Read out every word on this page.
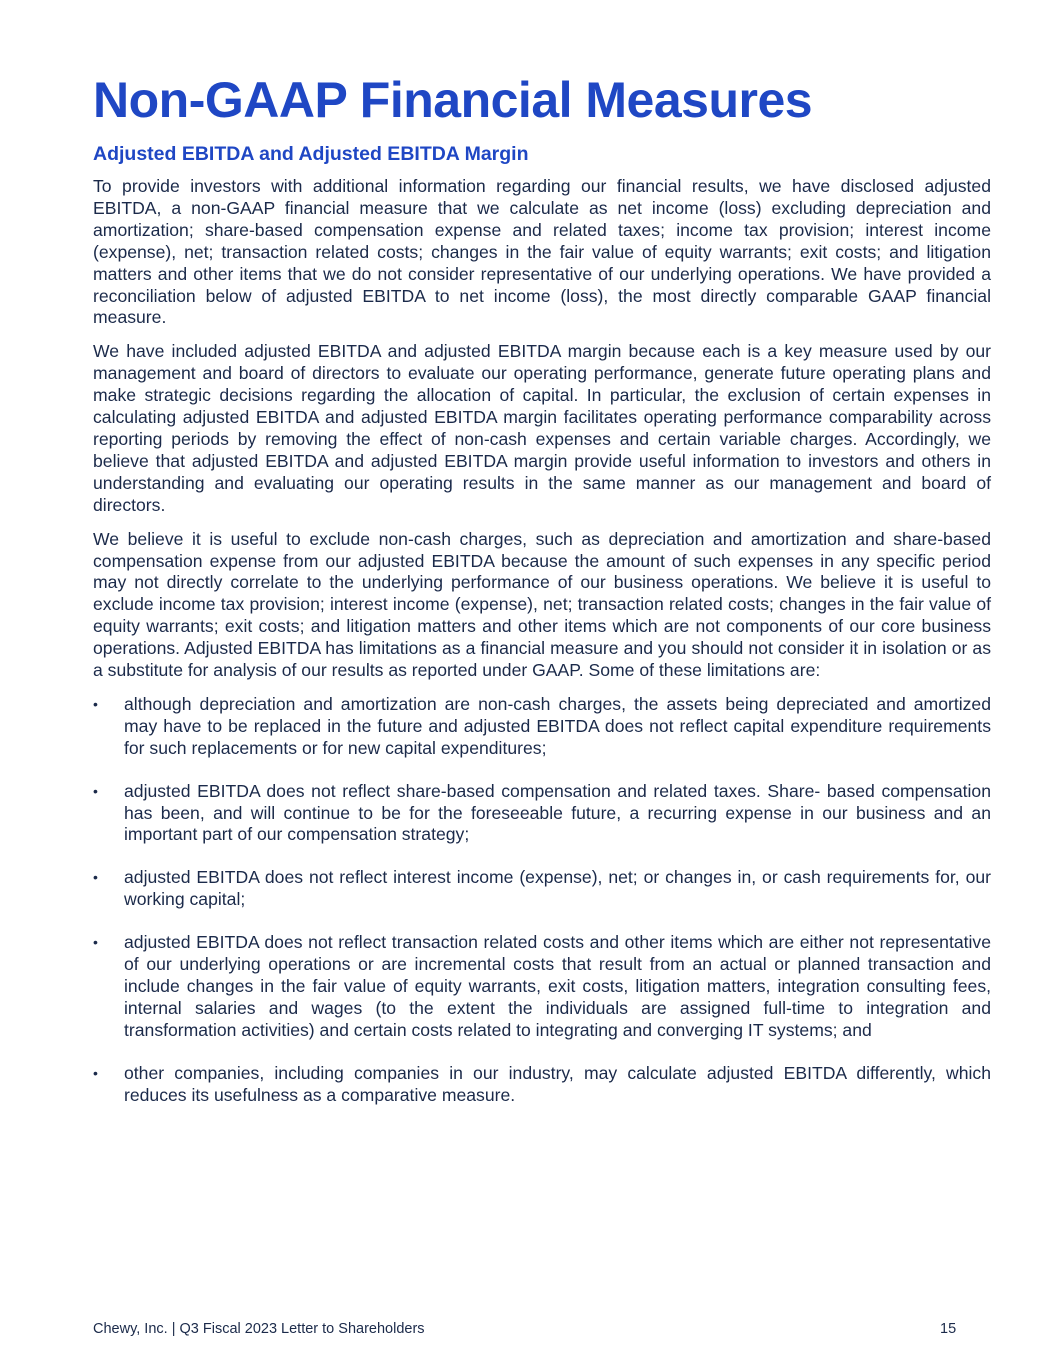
Non-GAAP Financial Measures
Adjusted EBITDA and Adjusted EBITDA Margin

To provide investors with additional information regarding our financial results, we have disclosed adjusted EBITDA, a non-GAAP financial measure that we calculate as net income (loss) excluding depreciation and amortization; share-based compensation expense and related taxes; income tax provision; interest income (expense), net; transaction related costs; changes in the fair value of equity warrants; exit costs; and litigation matters and other items that we do not consider representative of our underlying operations. We have provided a reconciliation below of adjusted EBITDA to net income (loss), the most directly comparable GAAP financial measure.

We have included adjusted EBITDA and adjusted EBITDA margin because each is a key measure used by our management and board of directors to evaluate our operating performance, generate future operating plans and make strategic decisions regarding the allocation of capital. In particular, the exclusion of certain expenses in calculating adjusted EBITDA and adjusted EBITDA margin facilitates operating performance comparability across reporting periods by removing the effect of non-cash expenses and certain variable charges. Accordingly, we believe that adjusted EBITDA and adjusted EBITDA margin provide useful information to investors and others in understanding and evaluating our operating results in the same manner as our management and board of directors.

We believe it is useful to exclude non-cash charges, such as depreciation and amortization and share-based compensation expense from our adjusted EBITDA because the amount of such expenses in any specific period may not directly correlate to the underlying performance of our business operations. We believe it is useful to exclude income tax provision; interest income (expense), net; transaction related costs; changes in the fair value of equity warrants; exit costs; and litigation matters and other items which are not components of our core business operations. Adjusted EBITDA has limitations as a financial measure and you should not consider it in isolation or as a substitute for analysis of our results as reported under GAAP. Some of these limitations are:

• although depreciation and amortization are non-cash charges, the assets being depreciated and amortized may have to be replaced in the future and adjusted EBITDA does not reflect capital expenditure requirements for such replacements or for new capital expenditures;
• adjusted EBITDA does not reflect share-based compensation and related taxes. Share- based compensation has been, and will continue to be for the foreseeable future, a recurring expense in our business and an important part of our compensation strategy;
• adjusted EBITDA does not reflect interest income (expense), net; or changes in, or cash requirements for, our working capital;
• adjusted EBITDA does not reflect transaction related costs and other items which are either not representative of our underlying operations or are incremental costs that result from an actual or planned transaction and include changes in the fair value of equity warrants, exit costs, litigation matters, integration consulting fees, internal salaries and wages (to the extent the individuals are assigned full-time to integration and transformation activities) and certain costs related to integrating and converging IT systems; and
• other companies, including companies in our industry, may calculate adjusted EBITDA differently, which reduces its usefulness as a comparative measure.
Chewy, Inc. | Q3 Fiscal 2023 Letter to Shareholders	15
